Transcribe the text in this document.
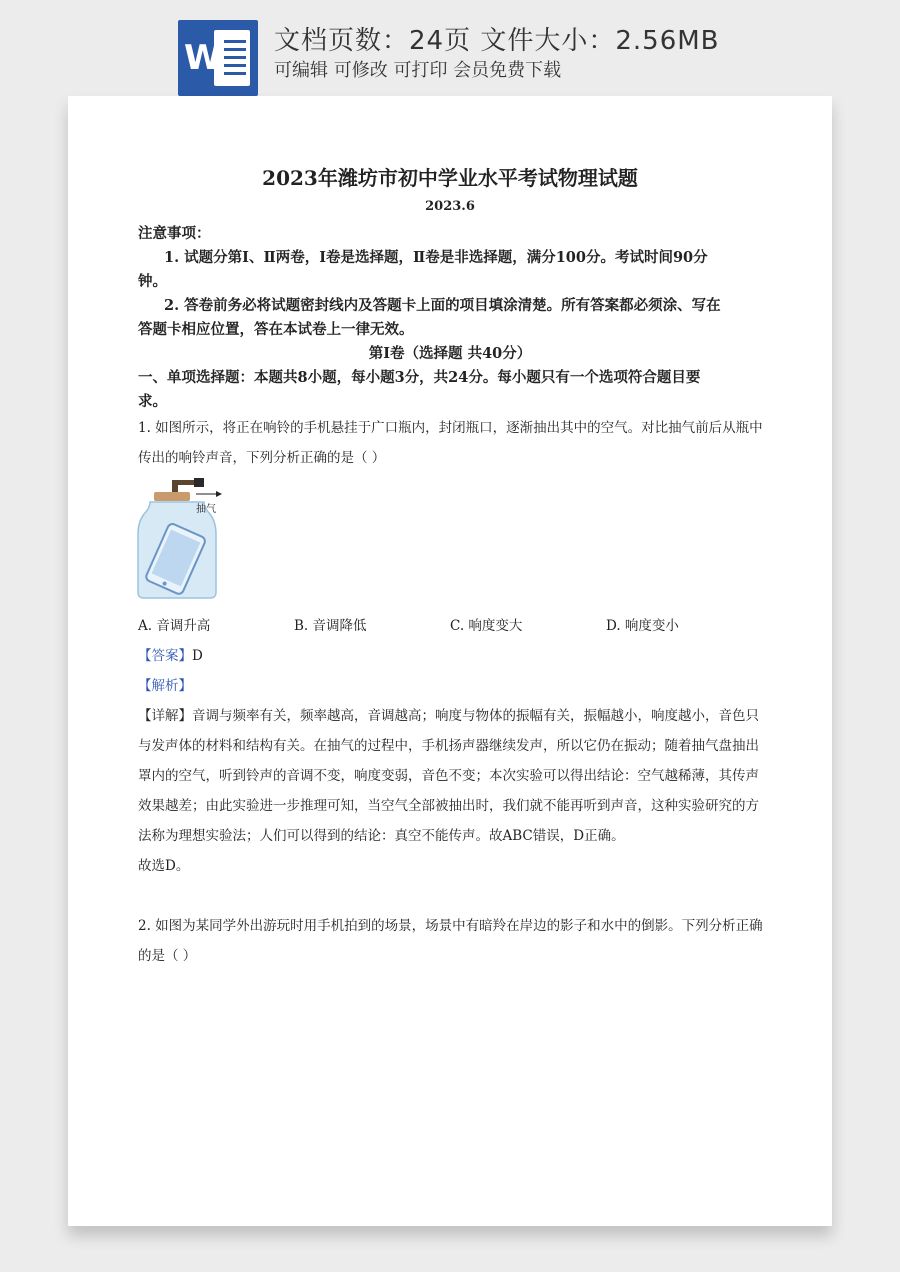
W 文档页数：24页 文件大小：2.56MB
可编辑 可修改 可打印 会员免费下载
2023年潍坊市初中学业水平考试物理试题
2023.6
注意事项：
1. 试题分第Ⅰ、Ⅱ两卷，Ⅰ卷是选择题，Ⅱ卷是非选择题，满分100分。考试时间90分
钟。
2. 答卷前务必将试题密封线内及答题卡上面的项目填涂清楚。所有答案都必须涂、写在
答题卡相应位置，答在本试卷上一律无效。
第Ⅰ卷（选择题 共40分）
一、单项选择题：本题共8小题，每小题3分，共24分。每小题只有一个选项符合题目要
求。
1. 如图所示，将正在响铃的手机悬挂于广口瓶内，封闭瓶口，逐渐抽出其中的空气。对比抽气前后从瓶中
传出的响铃声音，下列分析正确的是（ ）
抽气
A. 音调升高	B. 音调降低	C. 响度变大	D. 响度变小
【答案】D
【解析】
【详解】音调与频率有关，频率越高，音调越高；响度与物体的振幅有关，振幅越小，响度越小，音色只
与发声体的材料和结构有关。在抽气的过程中，手机扬声器继续发声，所以它仍在振动；随着抽气盘抽出
罩内的空气，听到铃声的音调不变，响度变弱，音色不变；本次实验可以得出结论：空气越稀薄，其传声
效果越差；由此实验进一步推理可知，当空气全部被抽出时，我们就不能再听到声音，这种实验研究的方
法称为理想实验法；人们可以得到的结论：真空不能传声。故ABC错误，D正确。
故选D。
2. 如图为某同学外出游玩时用手机拍到的场景，场景中有暗羚在岸边的影子和水中的倒影。下列分析正确
的是（ ）
